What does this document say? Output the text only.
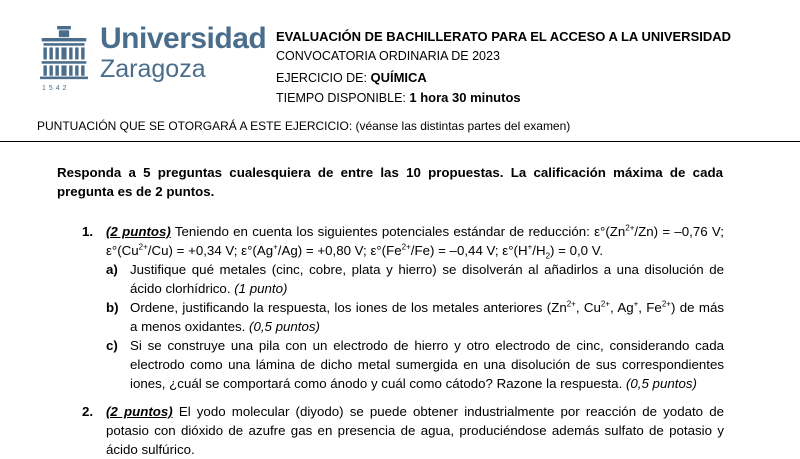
Universidad
Zaragoza
1542
EVALUACIÓN DE BACHILLERATO PARA EL ACCESO A LA UNIVERSIDAD
CONVOCATORIA ORDINARIA DE 2023
EJERCICIO DE: QUÍMICA
TIEMPO DISPONIBLE: 1 hora 30 minutos
PUNTUACIÓN QUE SE OTORGARÁ A ESTE EJERCICIO: (véanse las distintas partes del examen)
Responda a 5 preguntas cualesquiera de entre las 10 propuestas. La calificación máxima de cada pregunta es de 2 puntos.
1. (2 puntos) Teniendo en cuenta los siguientes potenciales estándar de reducción: $\varepsilon^\circ(Zn^{2+}/Zn) = -0,76$ V; $\varepsilon^\circ(Cu^{2+}/Cu) = +0,34$ V; ε°(Ag+/Ag) = +0,80 V; $\varepsilon^\circ(Fe^{2+}/Fe) = -0,44$ V; $\varepsilon^\circ(H^+/H_2) = 0,0$ V.
a) Justifique qué metales (cinc, cobre, plata y hierro) se disolverán al añadirlos a una disolución de ácido clorhídrico. (1 punto)
b) Ordene, justificando la respuesta, los iones de los metales anteriores ($Zn^{2+}$, $Cu^{2+}$, Ag+, $Fe^{2+}$) de más a menos oxidantes. (0,5 puntos)
c) Si se construye una pila con un electrodo de hierro y otro electrodo de cinc, considerando cada electrodo como una lámina de dicho metal sumergida en una disolución de sus correspondientes iones, ¿cuál se comportará como ánodo y cuál como cátodo? Razone la respuesta. (0,5 puntos)
2. (2 puntos) El yodo molecular (diyodo) se puede obtener industrialmente por reacción de yodato de potasio con dióxido de azufre gas en presencia de agua, produciéndose además sulfato de potasio y ácido sulfúrico.
